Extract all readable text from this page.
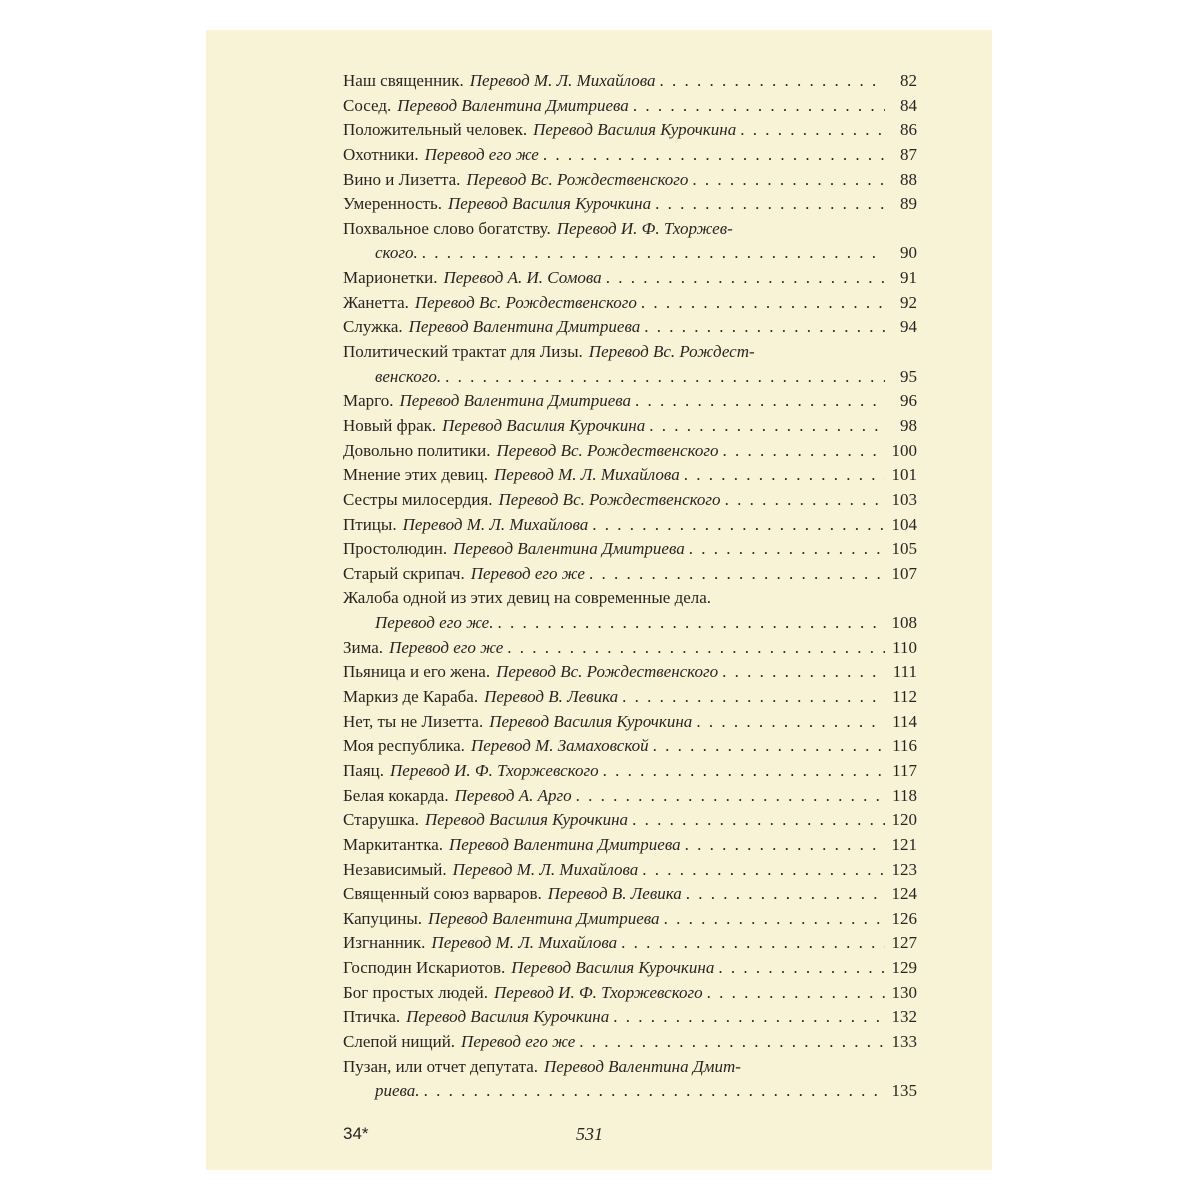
Наш священник. Перевод М. Л. Михайлова . . .	82
Сосед. Перевод Валентина Дмитриева . . .	84
Положительный человек. Перевод Василия Курочкина . . .	86
Охотники. Перевод его же . . .	87
Вино и Лизетта. Перевод Вс. Рождественского . . .	88
Умеренность. Перевод Василия Курочкина . . .	89
Похвальное слово богатству. Перевод И. Ф. Тхоржев-
ского. . . .	90
Марионетки. Перевод А. И. Сомова . . .	91
Жанетта. Перевод Вс. Рождественского . . .	92
Служка. Перевод Валентина Дмитриева . . .	94
Политический трактат для Лизы. Перевод Вс. Рождест-
венского. . . .	95
Марго. Перевод Валентина Дмитриева . . .	96
Новый фрак. Перевод Василия Курочкина . . .	98
Довольно политики. Перевод Вс. Рождественского . . .	100
Мнение этих девиц. Перевод М. Л. Михайлова . . .	101
Сестры милосердия. Перевод Вс. Рождественского . . .	103
Птицы. Перевод М. Л. Михайлова . . .	104
Простолюдин. Перевод Валентина Дмитриева . . .	105
Старый скрипач. Перевод его же . . .	107
Жалоба одной из этих девиц на современные дела.
Перевод его же. . . .	108
Зима. Перевод его же . . .	110
Пьяница и его жена. Перевод Вс. Рождественского . . .	111
Маркиз де Караба. Перевод В. Левика . . .	112
Нет, ты не Лизетта. Перевод Василия Курочкина . . .	114
Моя республика. Перевод М. Замаховской . . .	116
Паяц. Перевод И. Ф. Тхоржевского . . .	117
Белая кокарда. Перевод А. Арго . . .	118
Старушка. Перевод Василия Курочкина . . .	120
Маркитантка. Перевод Валентина Дмитриева . . .	121
Независимый. Перевод М. Л. Михайлова . . .	123
Священный союз варваров. Перевод В. Левика . . .	124
Капуцины. Перевод Валентина Дмитриева . . .	126
Изгнанник. Перевод М. Л. Михайлова . . .	127
Господин Искариотов. Перевод Василия Курочкина . . .	129
Бог простых людей. Перевод И. Ф. Тхоржевского . . .	130
Птичка. Перевод Василия Курочкина . . .	132
Слепой нищий. Перевод его же . . .	133
Пузан, или отчет депутата. Перевод Валентина Дмит-
риева. . . .	135
34*	531
